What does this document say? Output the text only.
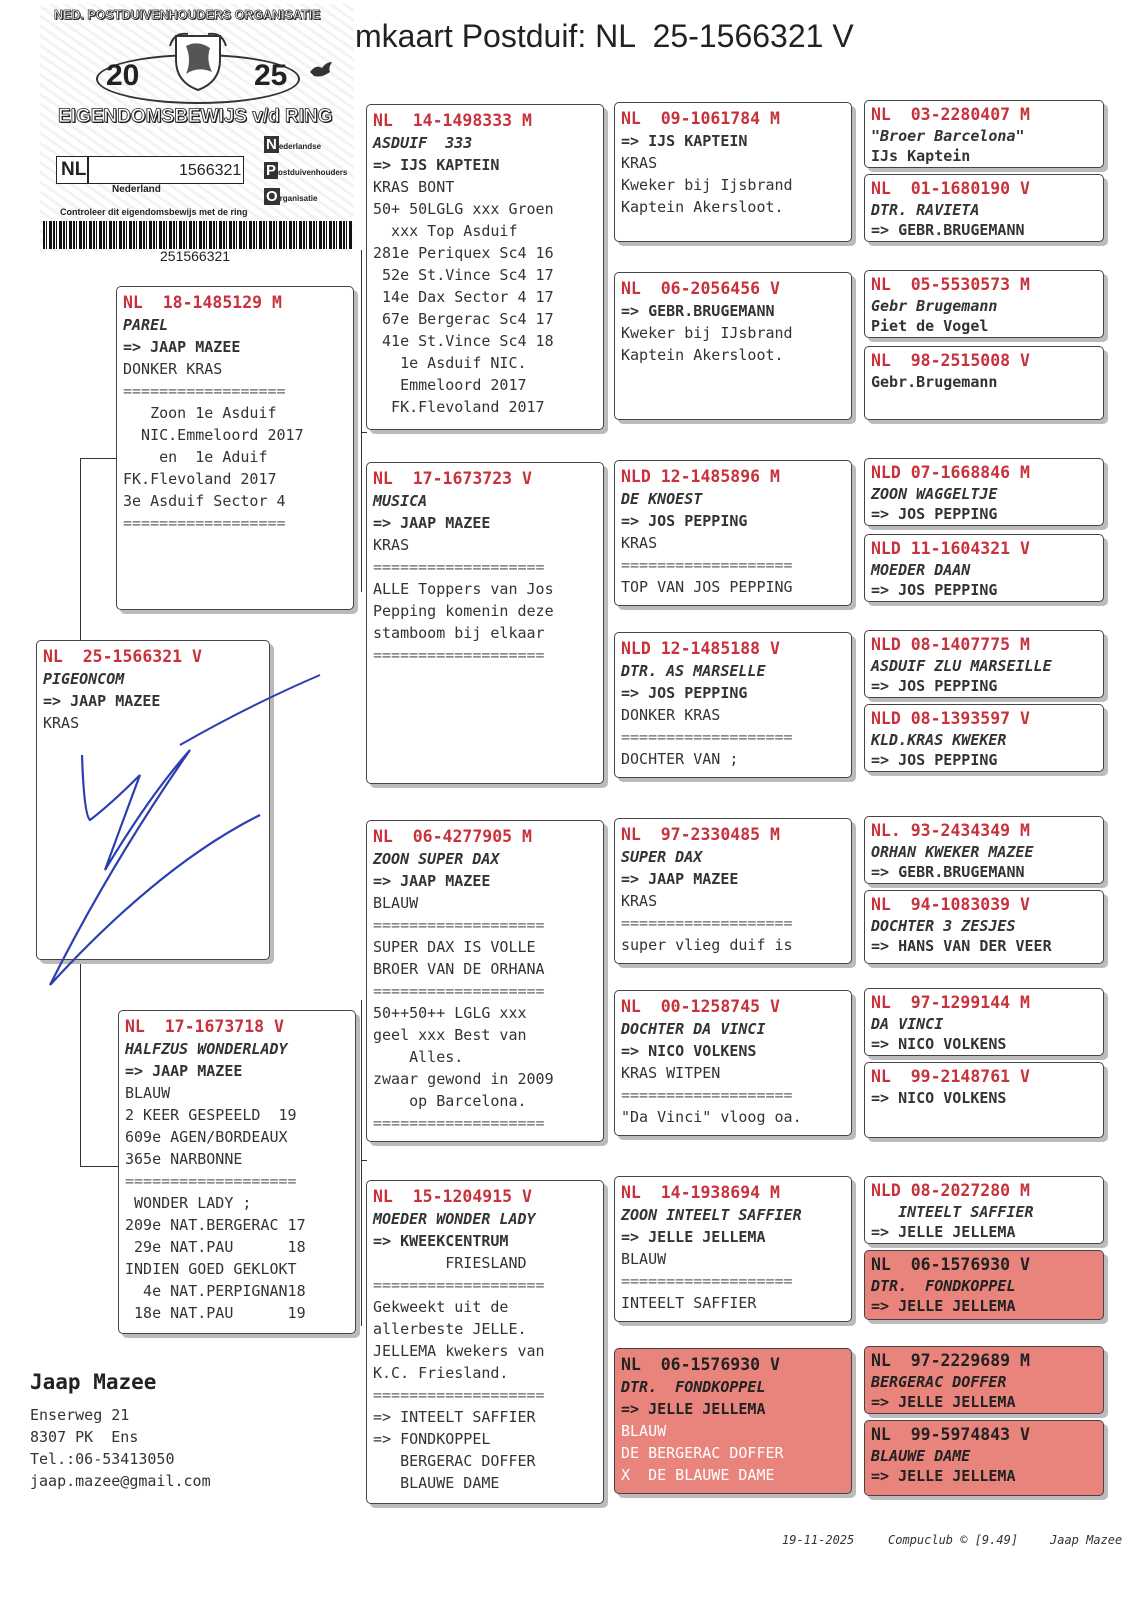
mkaart Postduif: NL  25-1566321 V
NED. POSTDUIVENHOUDERS ORGANISATIE
20	25
EIGENDOMSBEWIJS v/d RING
NL	1566321
N ederlandse
P ostduivenhouders
O rganisatie
Nederland
Controleer dit eigendomsbewijs met de ring
251566321
NL  25-1566321 V
PIGEONCOM
=> JAAP MAZEE
KRAS
NL  18-1485129 M
PAREL
=> JAAP MAZEE
DONKER KRAS
==================
Zoon 1e Asduif
NIC.Emmeloord 2017
en  1e Aduif
FK.Flevoland 2017
3e Asduif Sector 4
==================
NL  17-1673718 V
HALFZUS WONDERLADY
=> JAAP MAZEE
BLAUW
2 KEER GESPEELD  19
609e AGEN/BORDEAUX
365e NARBONNE
===================
WONDER LADY ;
209e NAT.BERGERAC 17
29e NAT.PAU      18
INDIEN GOED GEKLOKT
4e NAT.PERPIGNAN18
18e NAT.PAU      19
NL  14-1498333 M
ASDUIF  333
=> IJS KAPTEIN
KRAS BONT
50+ 50LGLG xxx Groen
xxx Top Asduif
281e Periquex Sc4 16
52e St.Vince Sc4 17
14e Dax Sector 4 17
67e Bergerac Sc4 17
41e St.Vince Sc4 18
1e Asduif NIC.
Emmeloord 2017
FK.Flevoland 2017
NL  17-1673723 V
MUSICA
=> JAAP MAZEE
KRAS
===================
ALLE Toppers van Jos
Pepping komenin deze
stamboom bij elkaar
===================
NL  06-4277905 M
ZOON SUPER DAX
=> JAAP MAZEE
BLAUW
===================
SUPER DAX IS VOLLE
BROER VAN DE ORHANA
===================
50++50++ LGLG xxx
geel xxx Best van
Alles.
zwaar gewond in 2009
op Barcelona.
===================
NL  15-1204915 V
MOEDER WONDER LADY
=> KWEEKCENTRUM
FRIESLAND
===================
Gekweekt uit de
allerbeste JELLE.
JELLEMA kwekers van
K.C. Friesland.
===================
=> INTEELT SAFFIER
=> FONDKOPPEL
BERGERAC DOFFER
BLAUWE DAME
NL  09-1061784 M
=> IJS KAPTEIN
KRAS
Kweker bij Ijsbrand
Kaptein Akersloot.
NL  06-2056456 V
=> GEBR.BRUGEMANN
Kweker bij IJsbrand
Kaptein Akersloot.
NLD 12-1485896 M
DE KNOEST
=> JOS PEPPING
KRAS
===================
TOP VAN JOS PEPPING
NLD 12-1485188 V
DTR. AS MARSELLE
=> JOS PEPPING
DONKER KRAS
===================
DOCHTER VAN ;
NL  97-2330485 M
SUPER DAX
=> JAAP MAZEE
KRAS
===================
super vlieg duif is
NL  00-1258745 V
DOCHTER DA VINCI
=> NICO VOLKENS
KRAS WITPEN
===================
"Da Vinci" vloog oa.
NL  14-1938694 M
ZOON INTEELT SAFFIER
=> JELLE JELLEMA
BLAUW
===================
INTEELT SAFFIER
NL  06-1576930 V
DTR.  FONDKOPPEL
=> JELLE JELLEMA
BLAUW
DE BERGERAC DOFFER
X  DE BLAUWE DAME
NL  03-2280407 M
"Broer Barcelona"
IJs Kaptein
NL  01-1680190 V
DTR. RAVIETA
=> GEBR.BRUGEMANN
NL  05-5530573 M
Gebr Brugemann
Piet de Vogel
NL  98-2515008 V
Gebr.Brugemann
NLD 07-1668846 M
ZOON WAGGELTJE
=> JOS PEPPING
NLD 11-1604321 V
MOEDER DAAN
=> JOS PEPPING
NLD 08-1407775 M
ASDUIF ZLU MARSEILLE
=> JOS PEPPING
NLD 08-1393597 V
KLD.KRAS KWEKER
=> JOS PEPPING
NL. 93-2434349 M
ORHAN KWEKER MAZEE
=> GEBR.BRUGEMANN
NL  94-1083039 V
DOCHTER 3 ZESJES
=> HANS VAN DER VEER
NL  97-1299144 M
DA VINCI
=> NICO VOLKENS
NL  99-2148761 V
=> NICO VOLKENS
NLD 08-2027280 M
INTEELT SAFFIER
=> JELLE JELLEMA
NL  06-1576930 V
DTR.  FONDKOPPEL
=> JELLE JELLEMA
NL  97-2229689 M
BERGERAC DOFFER
=> JELLE JELLEMA
NL  99-5974843 V
BLAUWE DAME
=> JELLE JELLEMA
Jaap Mazee
Enserweg 21
8307 PK  Ens
Tel.:06-53413050
jaap.mazee@gmail.com
19-11-2025	Compuclub © [9.49]	Jaap Mazee
